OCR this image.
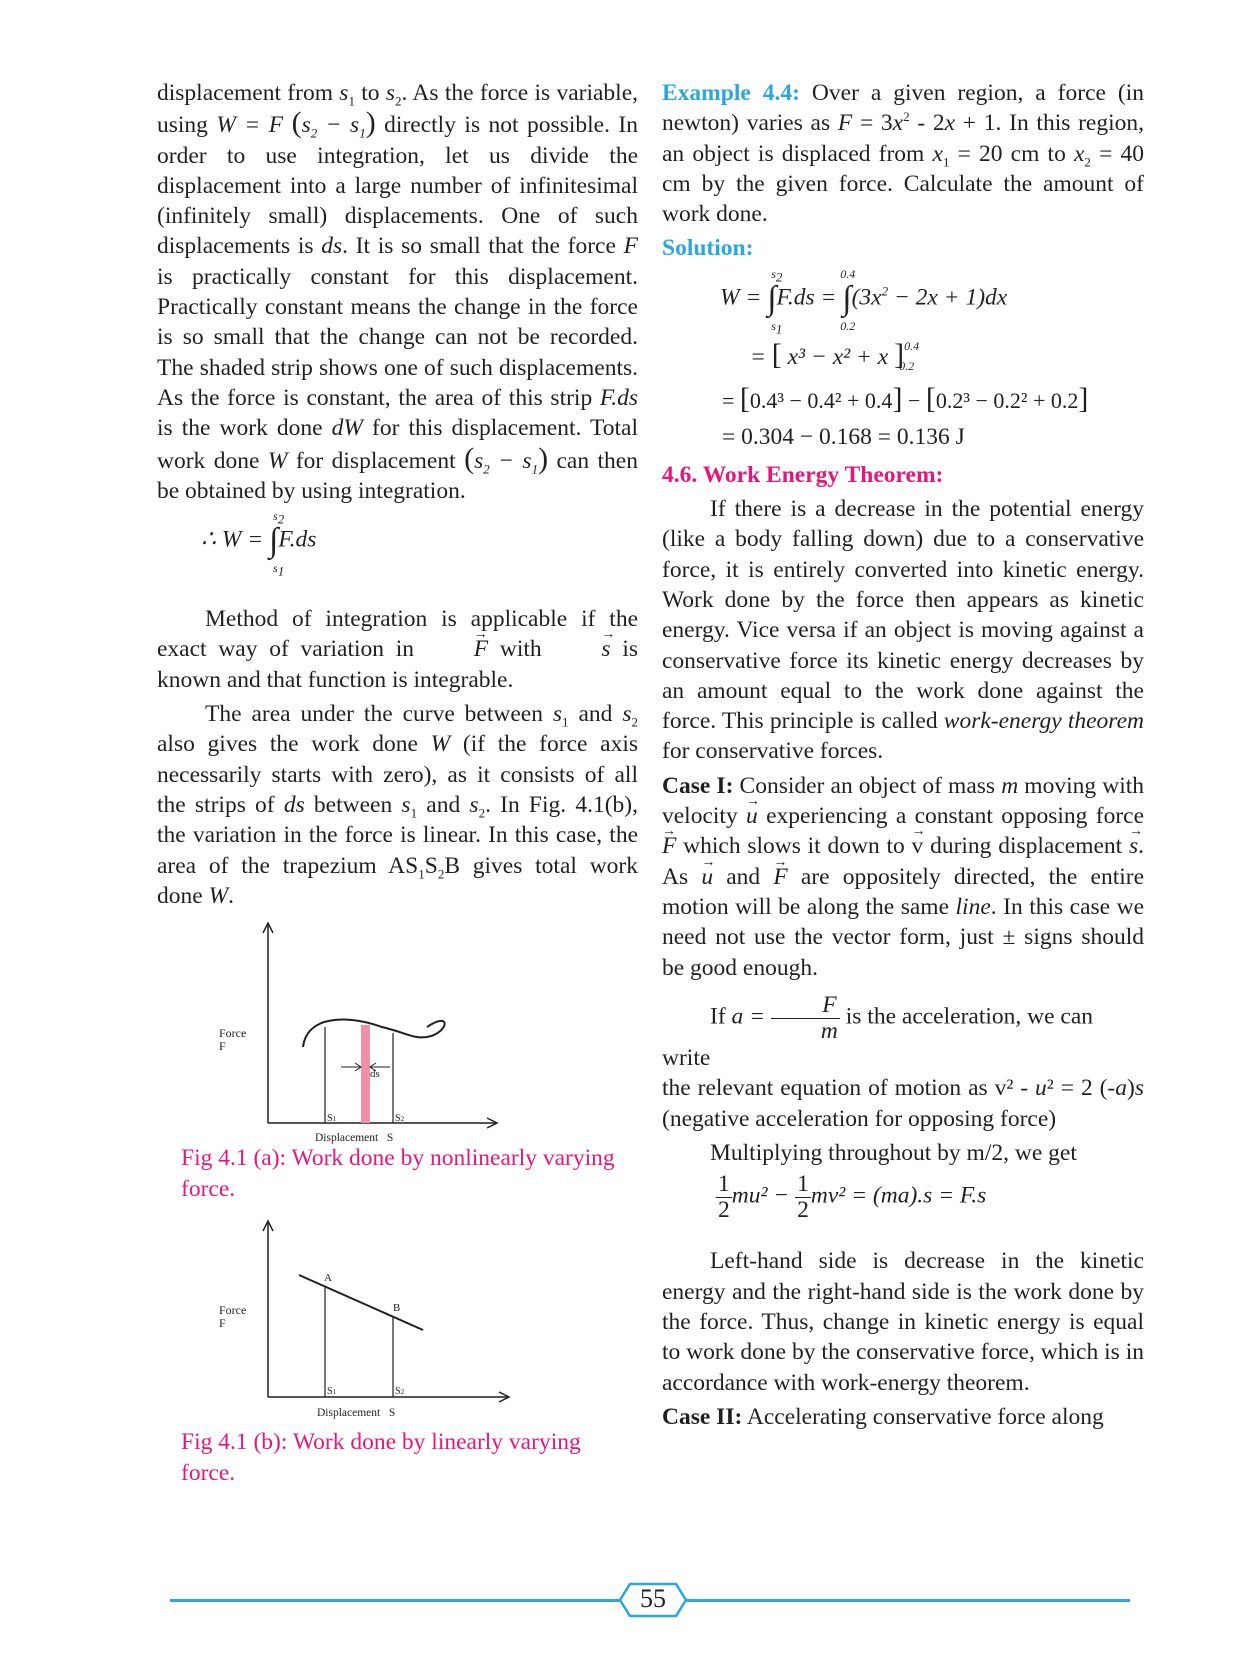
displacement from $s_1$ to $s_2$. As the force is variable, using W = F $(s_2 - s_1)$ directly is not possible. In order to use integration, let us divide the displacement into a large number of infinitesimal (infinitely small) displacements. One of such displacements is ds. It is so small that the force F is practically constant for this displacement. Practically constant means the change in the force is so small that the change can not be recorded. The shaded strip shows one of such displacements. As the force is constant, the area of this strip F.ds is the work done dW for this displacement. Total work done W for displacement $(s_2 - s_1)$ can then be obtained by using integration.

∴ W = ∫
$s_2$
$s_1$
F.ds

Method of integration is applicable if the exact way of variation in → F with → s is known and that function is integrable.

The area under the curve between $s_1$ and $s_2$ also gives the work done W (if the force axis necessarily starts with zero), as it consists of all the strips of ds between $s_1$ and $s_2$. In Fig. 4.1(b), the variation in the force is linear. In this case, the area of the trapezium $AS_1S_2B$ gives total work done W.

Force
F
ds
S1	S2
Displacement   S

Fig 4.1 (a): Work done by nonlinearly varying force.

Force
F
A
B
S1	S2
Displacement   S

Fig 4.1 (b): Work done by linearly varying force.

Example 4.4: Over a given region, a force (in newton) varies as $F = 3x^2 - 2x + 1$. In this region, an object is displaced from $x_1 = 20$ cm to $x_2 = 40$ cm by the given force. Calculate the amount of work done.

Solution:

W = ∫
$s_2$
$s_1$
F.ds = ∫
0.4
0.2
$(3x^2 - 2x + 1)dx$
= [ x³ − x² + x ]$^{0.4}_{0.2}$
= [0.4³ − 0.4² + 0.4] − [0.2³ − 0.2² + 0.2]
= 0.304 − 0.168 = 0.136 J

4.6. Work Energy Theorem:

If there is a decrease in the potential energy (like a body falling down) due to a conservative force, it is entirely converted into kinetic energy. Work done by the force then appears as kinetic energy. Vice versa if an object is moving against a conservative force its kinetic energy decreases by an amount equal to the work done against the force. This principle is called work-energy theorem for conservative forces.

Case I: Consider an object of mass m moving with velocity → u experiencing a constant opposing force → F which slows it down to → v during displacement → s. As → u and → F are oppositely directed, the entire motion will be along the same line. In this case we need not use the vector form, just ± signs should be good enough.

If $a = \frac{F}{m}$ is the acceleration, we can write

the relevant equation of motion as v² - u² = 2 (-a)s (negative acceleration for opposing force)

Multiplying throughout by m/2, we get

$\frac{1}{2} mu^2 - \frac{1}{2} mv^2 = (ma).s = F.s$

Left-hand side is decrease in the kinetic energy and the right-hand side is the work done by the force. Thus, change in kinetic energy is equal to work done by the conservative force, which is in accordance with work-energy theorem.

Case II: Accelerating conservative force along

55
